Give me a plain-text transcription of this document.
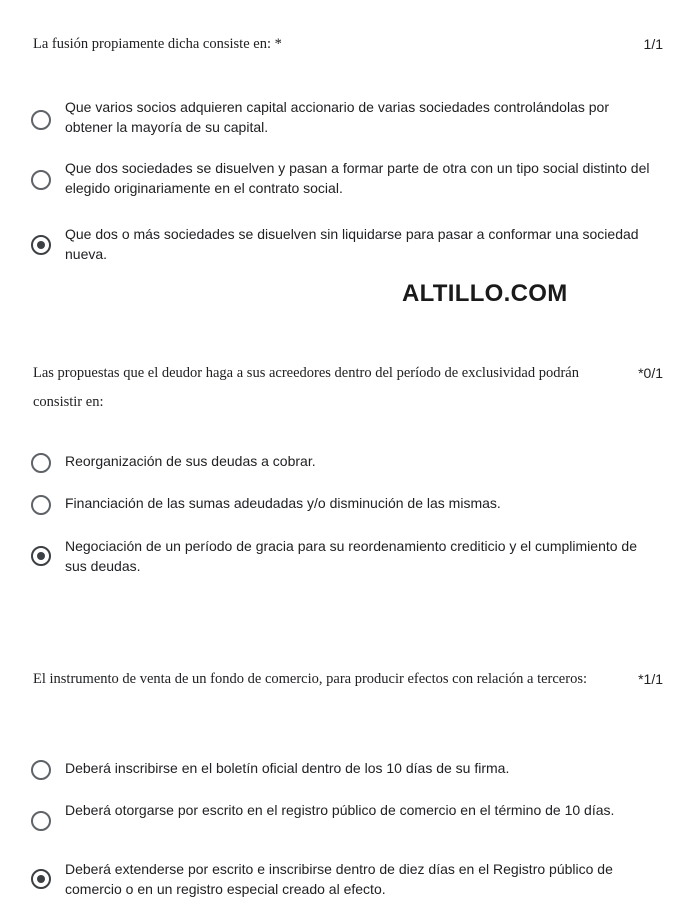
La fusión propiamente dicha consiste en: *	1/1
Que varios socios adquieren capital accionario de varias sociedades controlándolas por obtener la mayoría de su capital.
Que dos sociedades se disuelven y pasan a formar parte de otra con un tipo social distinto del elegido originariamente en el contrato social.
Que dos o más sociedades se disuelven sin liquidarse para pasar a conformar una sociedad nueva.
ALTILLO.COM
Las propuestas que el deudor haga a sus acreedores dentro del período de exclusividad podrán consistir en:
*0/1
Reorganización de sus deudas a cobrar.
Financiación de las sumas adeudadas y/o disminución de las mismas.
Negociación de un período de gracia para su reordenamiento crediticio y el cumplimiento de sus deudas.
El instrumento de venta de un fondo de comercio, para producir efectos con relación a terceros:	*1/1
Deberá inscribirse en el boletín oficial dentro de los 10 días de su firma.
Deberá otorgarse por escrito en el registro público de comercio en el término de 10 días.
Deberá extenderse por escrito e inscribirse dentro de diez días en el Registro público de comercio o en un registro especial creado al efecto.
